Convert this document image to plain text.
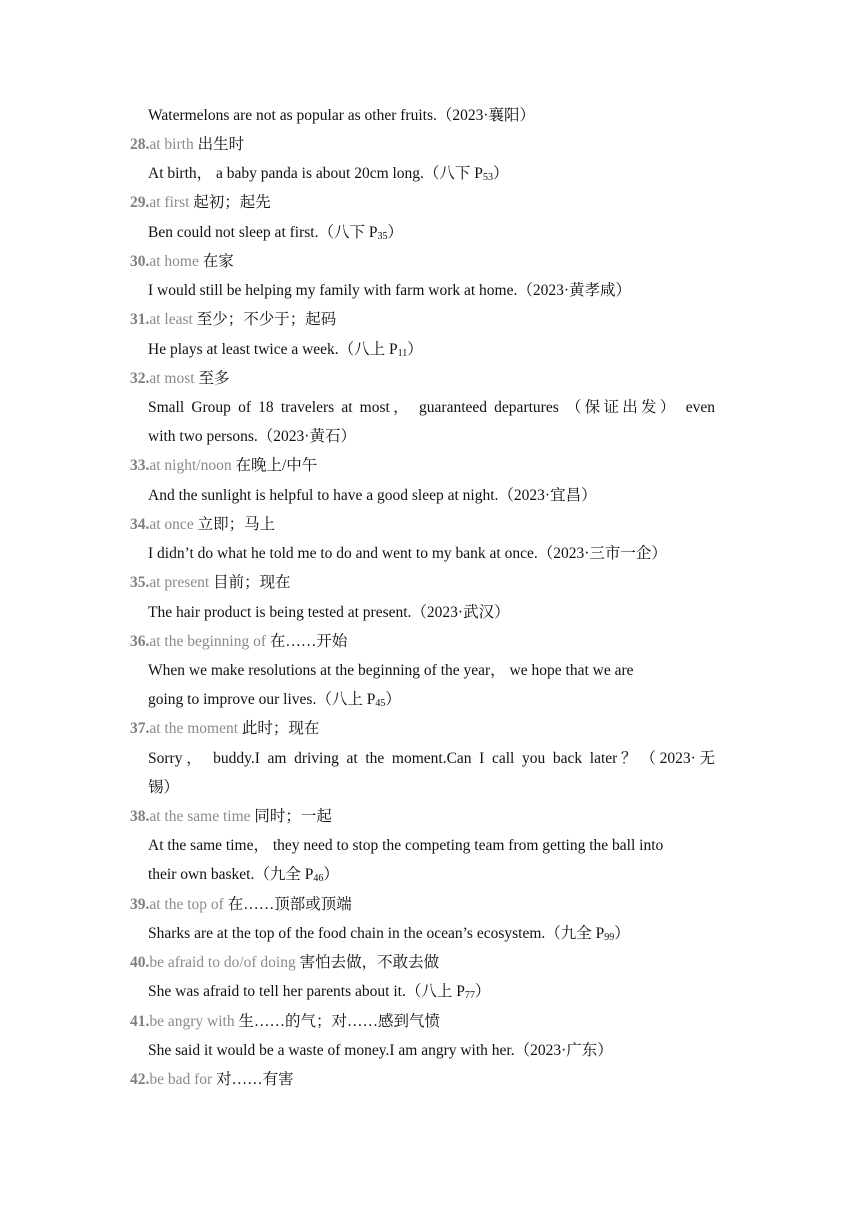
Watermelons are not as popular as other fruits.（2023·襄阳）
28.at birth 出生时
At birth， a baby panda is about 20cm long.（八下 $P_{53}$）
29.at first 起初；起先
Ben could not sleep at first.（八下 $P_{35}$）
30.at home 在家
I would still be helping my family with farm work at home.（2023·黄孝咸）
31.at least 至少；不少于；起码
He plays at least twice a week.（八上 $P_{11}$）
32.at most 至多
Small Group of 18 travelers at most， guaranteed departures （保证出发） even
with two persons.（2023·黄石）
33.at night/noon 在晚上/中午
And the sunlight is helpful to have a good sleep at night.（2023·宜昌）
34.at once 立即；马上
I didn’t do what he told me to do and went to my bank at once.（2023·三市一企）
35.at present 目前；现在
The hair product is being tested at present.（2023·武汉）
36.at the beginning of 在……开始
When we make resolutions at the beginning of the year， we hope that we are
going to improve our lives.（八上 $P_{45}$）
37.at the moment 此时；现在
Sorry， buddy.I am driving at the moment.Can I call you back later？（2023·无
锡）
38.at the same time 同时；一起
At the same time， they need to stop the competing team from getting the ball into
their own basket.（九全 $P_{46}$）
39.at the top of 在……顶部或顶端
Sharks are at the top of the food chain in the ocean’s ecosystem.（九全 $P_{99}$）
40.be afraid to do/of doing 害怕去做，不敢去做
She was afraid to tell her parents about it.（八上 $P_{77}$）
41.be angry with 生……的气；对……感到气愤
She said it would be a waste of money.I am angry with her.（2023·广东）
42.be bad for 对……有害
